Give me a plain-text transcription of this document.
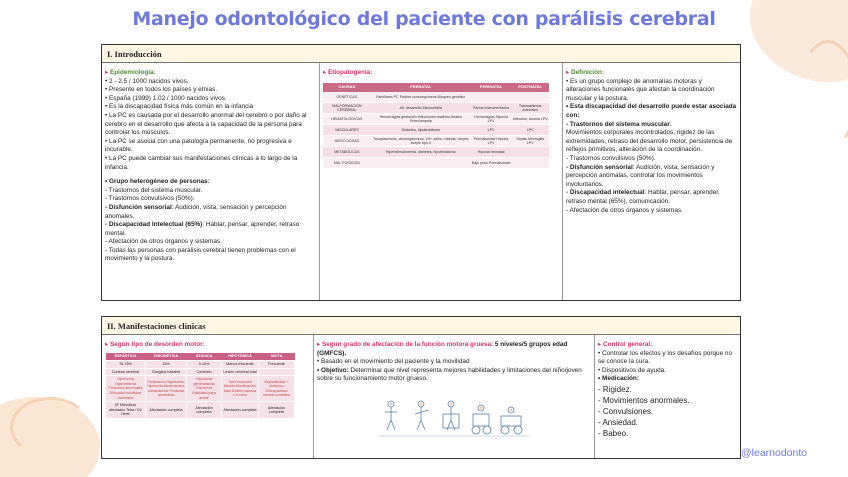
Manejo odontológico del paciente con parálisis cerebral
I. Introducción
▸ Epidemiología:
• 2 - 2.5 / 1000 nacidos vivos.
• Presente en todos los países y etnias.
• España (1999) 1.02 / 1000 nacidos vivos.
• Es la discapacidad física más común en la infancia
• La PC es causada por el desarrollo anormal del cerebro o por daño al cerebro en el desarrollo que afecta a la capacidad de la persona para controlar los músculos.
• La PC se asocia con una patología permanente, no progresiva e incurable.
• La PC puede cambiar sus manifestaciones clínicas a lo largo de la infancia.
• Grupo heterogéneo de personas:
- Trastornos del sistema muscular.
- Trastornos convulsivos (50%).
- Disfunción sensorial: Audición, vista, sensación y percepción anomales.
- Discapacidad Intelectual (65%): Hablar, pensar, aprender, retraso mental.
- Afectación de otros órganos y sistemas.
- Todas las personas con parálisis cerebral tienen problemas con el movimiento y la postura.
▸ Etiopatogenia:
CAUSAS	PRENATAL	PERINATAL	POSTNATAL
GENÉTICAS	Familiares PC Padres consanguíneos Bloqueo genético		
MALFORMACIÓN CEREBRAL	Alt. desarrollo Microcefalia	Partos Instrumentados	Traumatismos craneales
HEMATOLÓGICAS	Hemorragias gestación Infecciones materno-fetales Preeclampsia	Hemorragias Hipoxia LPV	Infección, Anoxia LPV
VASCULARES	Diabetes, hipotiroidismo	LPV	LPV
INFECCIOSAS	Toxoplasmosis, citomegalovirus, VIH, sífilis, rubeola, herpes simple tipo II	Prematuridad Hipoxia LPV	Sepsis Meningitis LPV
METABÓLICAS	Hiperbilirrubinemia, diabetes, hipotiroidismo	Hipoxia neonatal	
MAL POSICIÓN		Bajo peso Prematuridad	
▸ Definición:
• Es un grupo complejo de anomalías motoras y alteraciones funcionales que afectan la coordinación muscular y la postura.
• Esta discapacidad del desarrollo puede estar asociada con:
- Trastornos del sistema muscular:
Movimientos corporales incontrolados, rigidez de las extremidades, retraso del desarrollo motor, persistencia de reflejos primitivos, alteración de la coordinación.
- Trastornos convulsivos (50%).
- Disfunción sensorial: Audición, vista, sensación y percepción anómalas, controlar los movimientos involuntarios.
- Discapacidad intelectual: Hablar, pensar, aprender, retraso mental (65%), comunicación.
- Afectación de otros órganos y sistemas.
II. Manifestaciones clínicas
▸ Según tipo de desorden motor:
ESPÁSTICA	DISCINÉTICA	ATÁXICA	HIPOTÓNICA	MIXTA
70-75%	15%	5-10%	Menos frecuente	Frecuente
Corteza cerebral	Ganglios basales	Cerebelo	Lesión cerebral total	
Hipertonía Hiperreflexia Flexiones anormales Dificultad movilidad voluntaria	Fluctuación hipertonía-hipotonía Movimientos involuntarios Posturas anómalas	Hipotonía generalizada Dismetría Dificultad para andar	Tono muscular flácido Movilización total Sostén cabeza o tronco	Espasticidad + distónico Discapacidad mental o cefalea
Nº Miembros afectados Tetra / Di/ Hemi	Afectación completa	Afectación completa	Afectación completa	Afectación completa
▸ Según grado de afectación de la función motora gruesa: 5 niveles/5 grupos edad (GMFCS).
• Basado en el movimiento del paciente y la movilidad
• Objetivo: Determinar que nivel representa mejores habilidades y limitaciones del niño/joven sobre su funcionamiento motor grueso.
▸ Control general:
• Controlar los efectos y los desafíos porque no se conoce la cura.
• Dispositivos de ayuda.
• Medicación:
- Rigidez.
- Movimientos anormales.
- Convulsiones.
- Ansiedad.
- Babeo.
@learnodonto
